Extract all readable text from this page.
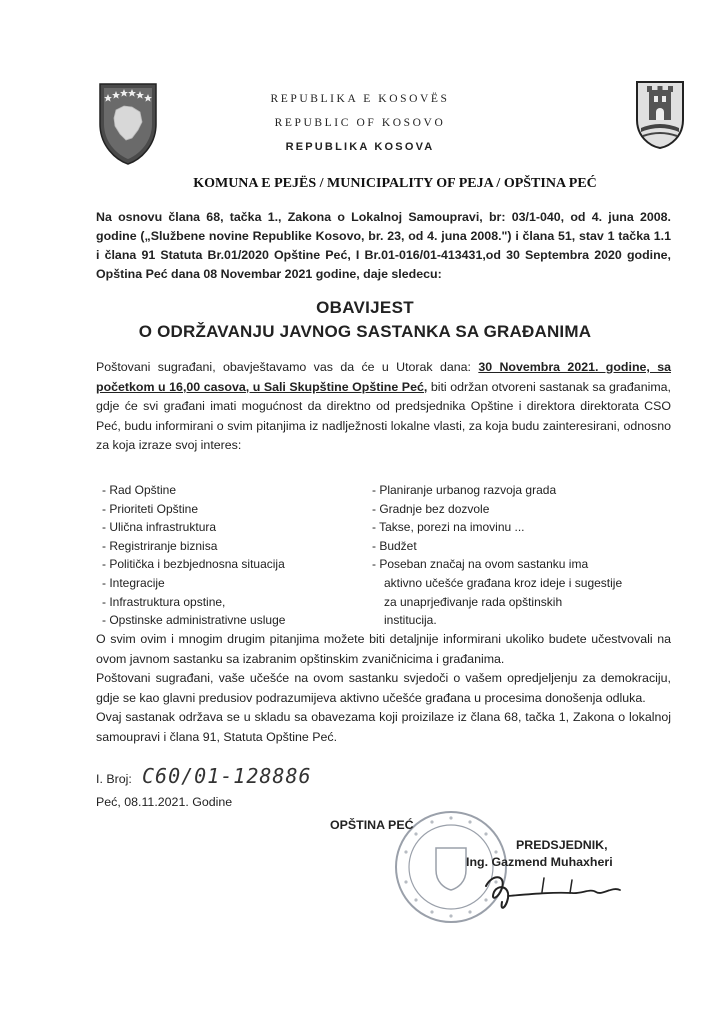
REPUBLIKA E KOSOVËS
REPUBLIC OF KOSOVO
REPUBLIKA KOSOVA
KOMUNA E PEJËS / MUNICIPALITY OF PEJA / OPŠTINA PEĆ
Na osnovu člana 68, tačka 1., Zakona o Lokalnoj Samoupravi, br: 03/1-040, od 4. juna 2008. godine („Službene novine Republike Kosovo, br. 23, od 4. juna 2008.") i člana 51, stav 1 tačka 1.1 i člana 91 Statuta Br.01/2020 Opštine Peć, I Br.01-016/01-413431,od 30 Septembra 2020 godine, Opština Peć dana 08 Novembar 2021 godine, daje sledecu:
OBAVIJEST
O ODRŽAVANJU JAVNOG SASTANKA SA GRAĐANIMA
Poštovani sugrađani, obavještavamo vas da će u Utorak dana: 30 Novembra 2021. godine, sa početkom u 16,00 casova, u Sali Skupštine Opštine Peć, biti održan otvoreni sastanak sa građanima, gdje će svi građani imati mogućnost da direktno od predsjednika Opštine i direktora direktorata CSO Peć, budu informirani o svim pitanjima iz nadlježnosti lokalne vlasti, za koja budu zainteresirani, odnosno za koja izraze svoj interes:
- Rad Opštine
- Prioriteti Opštine
- Ulična infrastruktura
- Registriranje biznisa
- Politička i bezbjednosna situacija
- Integracije
- Infrastruktura opstine,
- Opstinske administrativne usluge
- Planiranje urbanog razvoja grada
- Gradnje bez dozvole
- Takse, porezi na imovinu ...
- Budžet
- Poseban značaj na ovom sastanku ima
aktivno učešće građana kroz ideje i sugestije
za unaprjeđivanje rada opštinskih
institucija.
O svim ovim i mnogim drugim pitanjima možete biti detaljnije informirani ukoliko budete učestvovali na ovom javnom sastanku sa izabranim opštinskim zvaničnicima i građanima.
Poštovani sugrađani, vaše učešće na ovom sastanku svjedoči o vašem opredjeljenju za demokraciju, gdje se kao glavni predusiov podrazumijeva aktivno učešće građana u procesima donošenja odluka.
Ovaj sastanak održava se u skladu sa obavezama koji proizilaze iz člana 68, tačka 1, Zakona o lokalnoj samoupravi i člana 91, Statuta Opštine Peć.
I. Broj: C60/01-128886
Peć, 08.11.2021. Godine
OPŠTINA PEĆ
PREDSJEDNIK,
Ing. Gazmend Muhaxheri
